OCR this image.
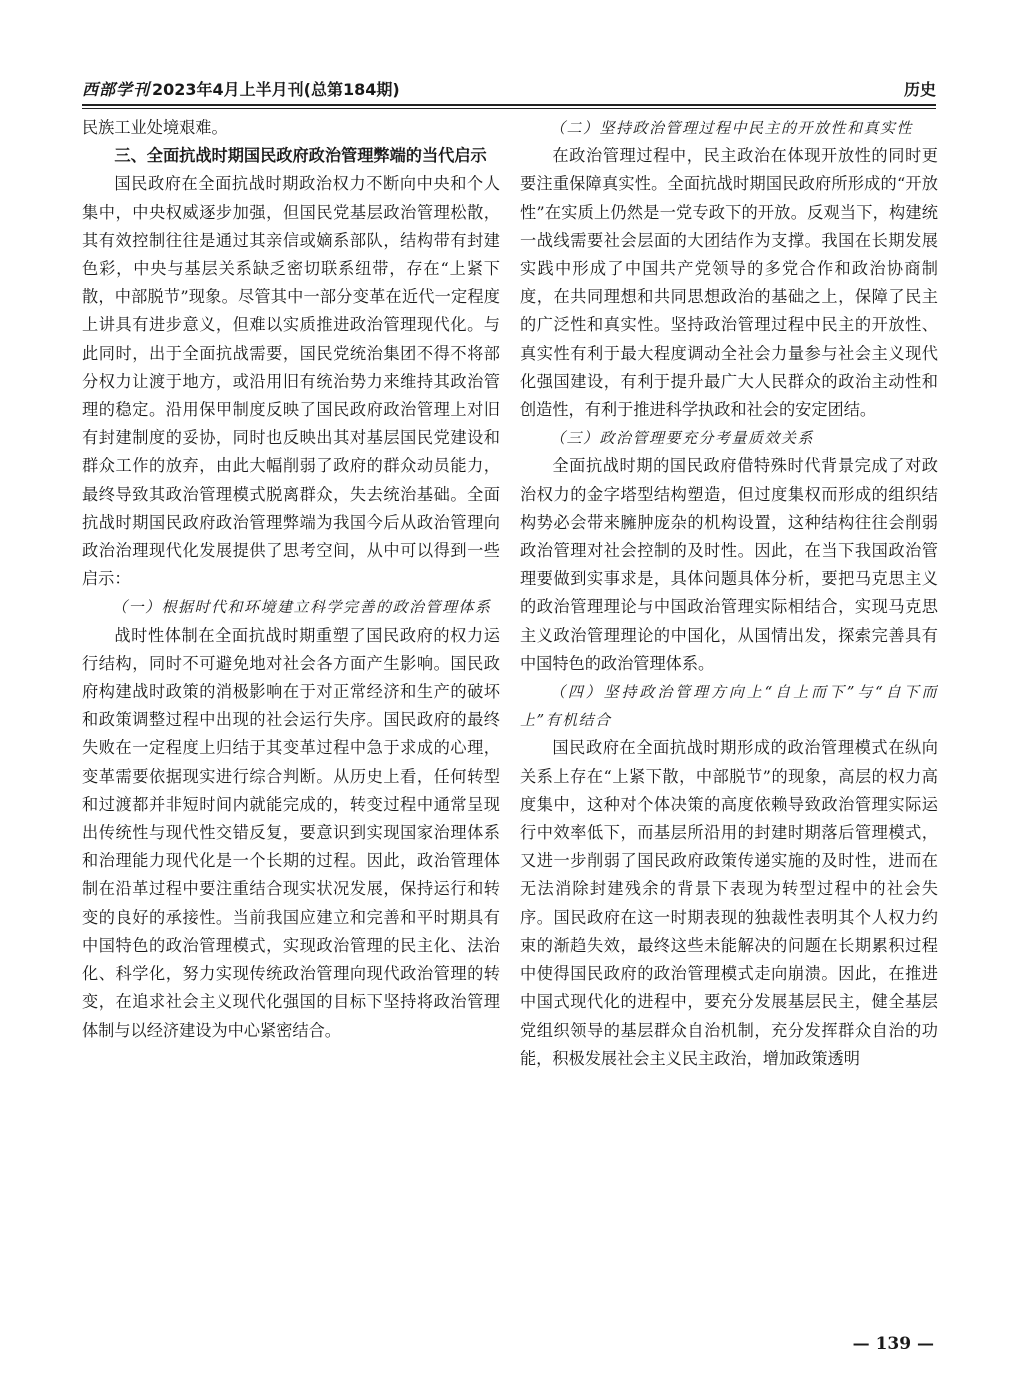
西部学刊 2023年4月上半月刊(总第184期)	历史

民族工业处境艰难。

三、全面抗战时期国民政府政治管理弊端的当代启示

国民政府在全面抗战时期政治权力不断向中央和个人集中，中央权威逐步加强，但国民党基层政治管理松散，其有效控制往往是通过其亲信或嫡系部队，结构带有封建色彩，中央与基层关系缺乏密切联系纽带，存在“上紧下散，中部脱节”现象。尽管其中一部分变革在近代一定程度上讲具有进步意义，但难以实质推进政治管理现代化。与此同时，出于全面抗战需要，国民党统治集团不得不将部分权力让渡于地方，或沿用旧有统治势力来维持其政治管理的稳定。沿用保甲制度反映了国民政府政治管理上对旧有封建制度的妥协，同时也反映出其对基层国民党建设和群众工作的放弃，由此大幅削弱了政府的群众动员能力，最终导致其政治管理模式脱离群众，失去统治基础。全面抗战时期国民政府政治管理弊端为我国今后从政治管理向政治治理现代化发展提供了思考空间，从中可以得到一些启示：

（一）根据时代和环境建立科学完善的政治管理体系

战时性体制在全面抗战时期重塑了国民政府的权力运行结构，同时不可避免地对社会各方面产生影响。国民政府构建战时政策的消极影响在于对正常经济和生产的破坏和政策调整过程中出现的社会运行失序。国民政府的最终失败在一定程度上归结于其变革过程中急于求成的心理，变革需要依据现实进行综合判断。从历史上看，任何转型和过渡都并非短时间内就能完成的，转变过程中通常呈现出传统性与现代性交错反复，要意识到实现国家治理体系和治理能力现代化是一个长期的过程。因此，政治管理体制在沿革过程中要注重结合现实状况发展，保持运行和转变的良好的承接性。当前我国应建立和完善和平时期具有中国特色的政治管理模式，实现政治管理的民主化、法治化、科学化，努力实现传统政治管理向现代政治管理的转变，在追求社会主义现代化强国的目标下坚持将政治管理体制与以经济建设为中心紧密结合。

（二）坚持政治管理过程中民主的开放性和真实性

在政治管理过程中，民主政治在体现开放性的同时更要注重保障真实性。全面抗战时期国民政府所形成的“开放性”在实质上仍然是一党专政下的开放。反观当下，构建统一战线需要社会层面的大团结作为支撑。我国在长期发展实践中形成了中国共产党领导的多党合作和政治协商制度，在共同理想和共同思想政治的基础之上，保障了民主的广泛性和真实性。坚持政治管理过程中民主的开放性、真实性有利于最大程度调动全社会力量参与社会主义现代化强国建设，有利于提升最广大人民群众的政治主动性和创造性，有利于推进科学执政和社会的安定团结。

（三）政治管理要充分考量质效关系

全面抗战时期的国民政府借特殊时代背景完成了对政治权力的金字塔型结构塑造，但过度集权而形成的组织结构势必会带来臃肿庞杂的机构设置，这种结构往往会削弱政治管理对社会控制的及时性。因此，在当下我国政治管理要做到实事求是，具体问题具体分析，要把马克思主义的政治管理理论与中国政治管理实际相结合，实现马克思主义政治管理理论的中国化，从国情出发，探索完善具有中国特色的政治管理体系。

（四）坚持政治管理方向上“自上而下”与“自下而上”有机结合

国民政府在全面抗战时期形成的政治管理模式在纵向关系上存在“上紧下散，中部脱节”的现象，高层的权力高度集中，这种对个体决策的高度依赖导致政治管理实际运行中效率低下，而基层所沿用的封建时期落后管理模式，又进一步削弱了国民政府政策传递实施的及时性，进而在无法消除封建残余的背景下表现为转型过程中的社会失序。国民政府在这一时期表现的独裁性表明其个人权力约束的渐趋失效，最终这些未能解决的问题在长期累积过程中使得国民政府的政治管理模式走向崩溃。因此，在推进中国式现代化的进程中，要充分发展基层民主，健全基层党组织领导的基层群众自治机制，充分发挥群众自治的功能，积极发展社会主义民主政治，增加政策透明

— 139 —
